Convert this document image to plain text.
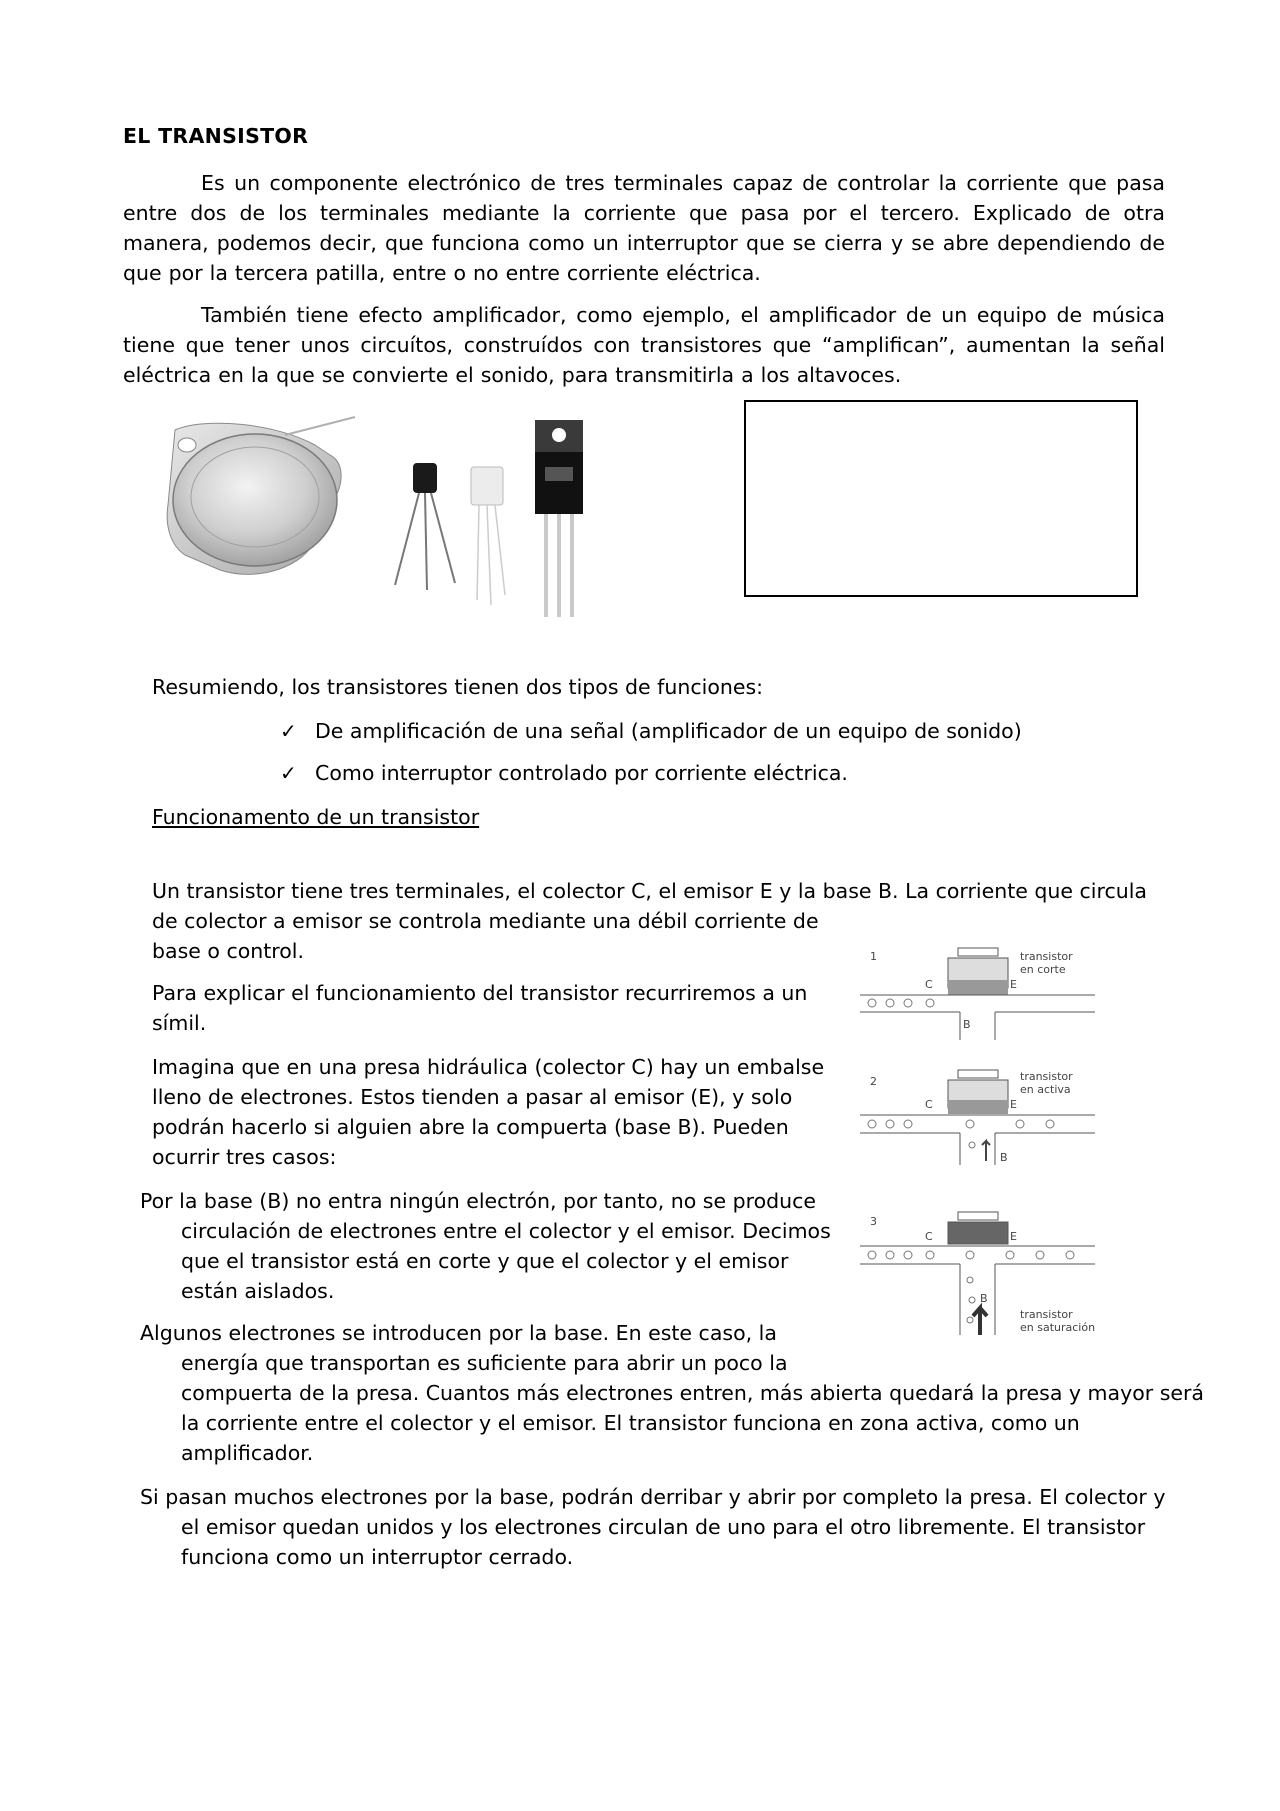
EL TRANSISTOR
Es un componente electrónico de tres terminales capaz de controlar la corriente que pasa entre dos de los terminales mediante la corriente que pasa por el tercero. Explicado de otra manera, podemos decir, que funciona como un interruptor que se cierra y se abre dependiendo de que por la tercera patilla, entre o no entre corriente eléctrica.
También tiene efecto amplificador, como ejemplo, el amplificador de un equipo de música tiene que tener unos circuítos, construídos con transistores que “amplifican”, aumentan la señal eléctrica en la que se convierte el sonido, para transmitirla a los altavoces.
Resumiendo, los transistores tienen dos tipos de funciones:
✓ De amplificación de una señal (amplificador de un equipo de sonido)
✓ Como interruptor controlado por corriente eléctrica.
Funcionamento de un transistor
Un transistor tiene tres terminales, el colector C, el emisor E y la base B. La corriente que circula
de colector a emisor se controla mediante una débil corriente de
base o control.
Para explicar el funcionamiento del transistor recurriremos a un
símil.
Imagina que en una presa hidráulica (colector C) hay un embalse
lleno de electrones. Estos tienden a pasar al emisor (E), y solo
podrán hacerlo si alguien abre la compuerta (base B). Pueden
ocurrir tres casos:
Por la base (B) no entra ningún electrón, por tanto, no se produce
circulación de electrones entre el colector y el emisor. Decimos
que el transistor está en corte y que el colector y el emisor
están aislados.
Algunos electrones se introducen por la base. En este caso, la
energía que transportan es suficiente para abrir un poco la
compuerta de la presa. Cuantos más electrones entren, más abierta quedará la presa y mayor será
la corriente entre el colector y el emisor. El transistor funciona en zona activa, como un
amplificador.
Si pasan muchos electrones por la base, podrán derribar y abrir por completo la presa. El colector y
el emisor quedan unidos y los electrones circulan de uno para el otro libremente. El transistor
funciona como un interruptor cerrado.
1	transistor
en corte
C	E
B
2	transistor
en activa
C	E
B
3
transistor
en saturación
C	E
B
